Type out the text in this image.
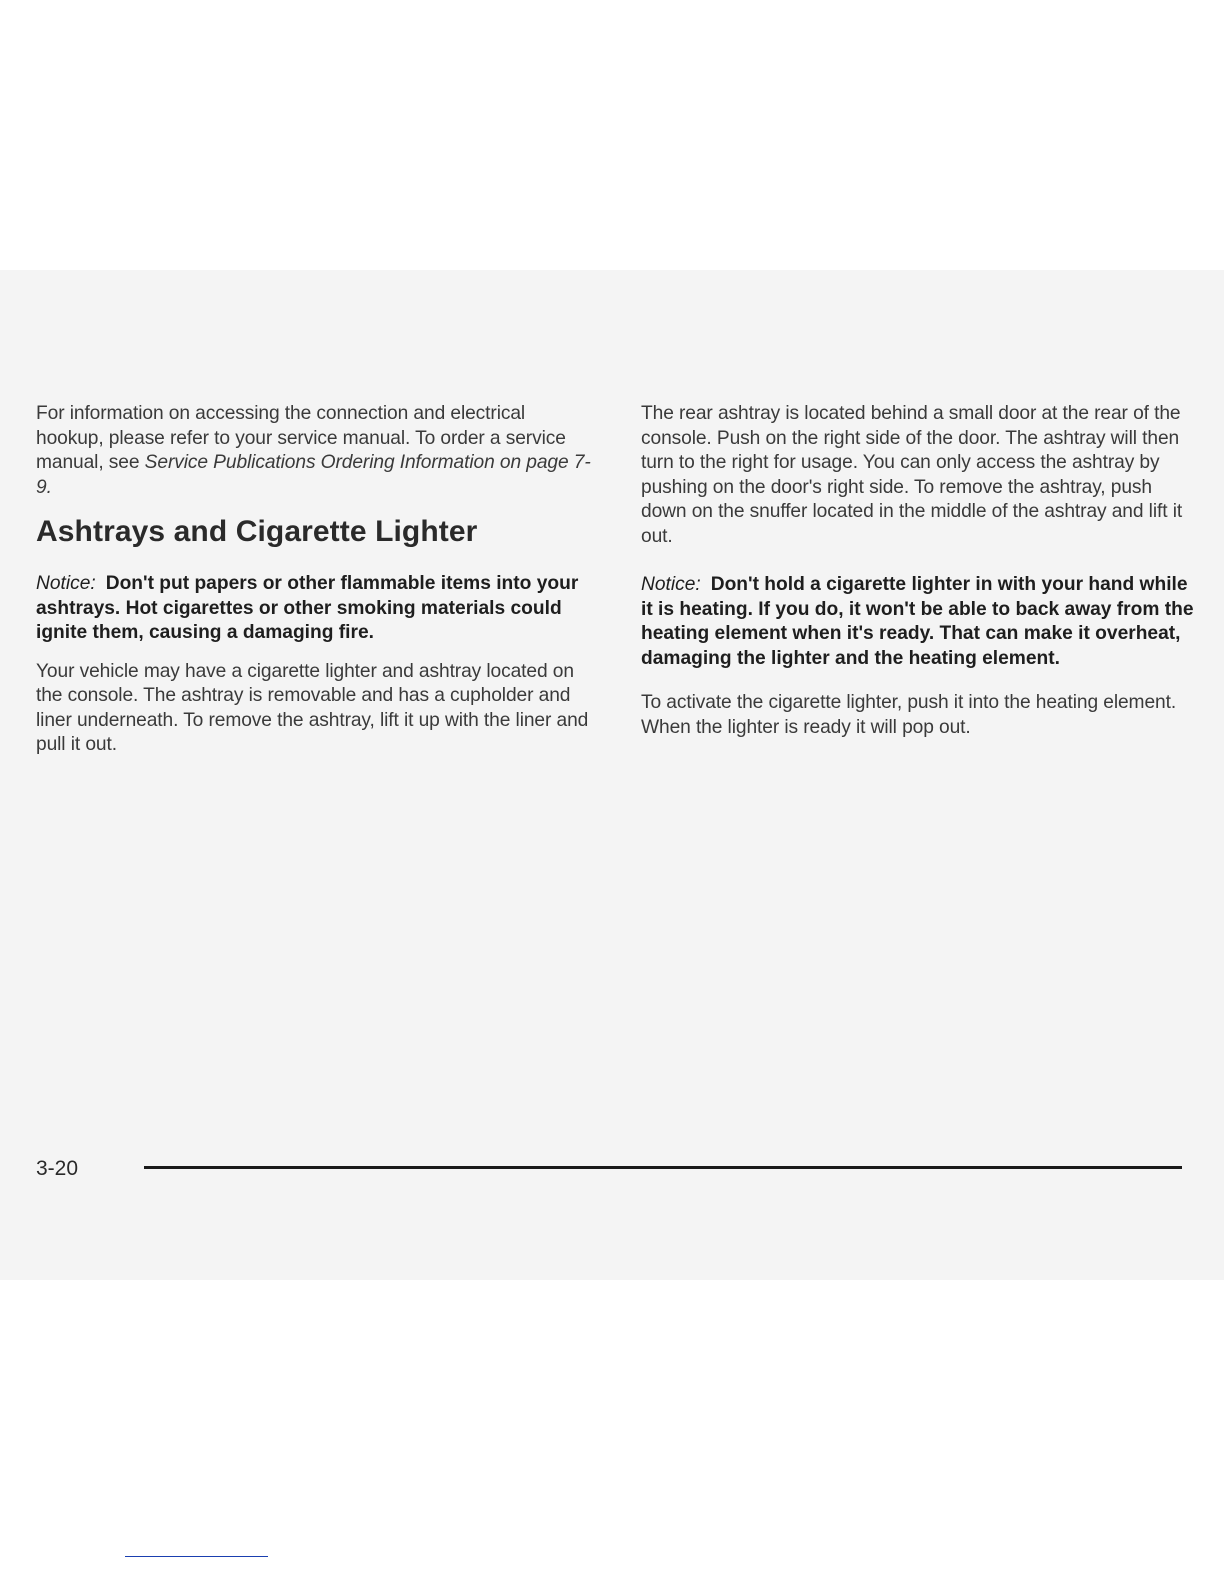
For information on accessing the connection and electrical hookup, please refer to your service manual. To order a service manual, see Service Publications Ordering Information on page 7-9.

Ashtrays and Cigarette Lighter

Notice: Don't put papers or other flammable items into your ashtrays. Hot cigarettes or other smoking materials could ignite them, causing a damaging fire.

Your vehicle may have a cigarette lighter and ashtray located on the console. The ashtray is removable and has a cupholder and liner underneath. To remove the ashtray, lift it up with the liner and pull it out.

The rear ashtray is located behind a small door at the rear of the console. Push on the right side of the door. The ashtray will then turn to the right for usage. You can only access the ashtray by pushing on the door's right side. To remove the ashtray, push down on the snuffer located in the middle of the ashtray and lift it out.

Notice: Don't hold a cigarette lighter in with your hand while it is heating. If you do, it won't be able to back away from the heating element when it's ready. That can make it overheat, damaging the lighter and the heating element.

To activate the cigarette lighter, push it into the heating element. When the lighter is ready it will pop out.

3-20
